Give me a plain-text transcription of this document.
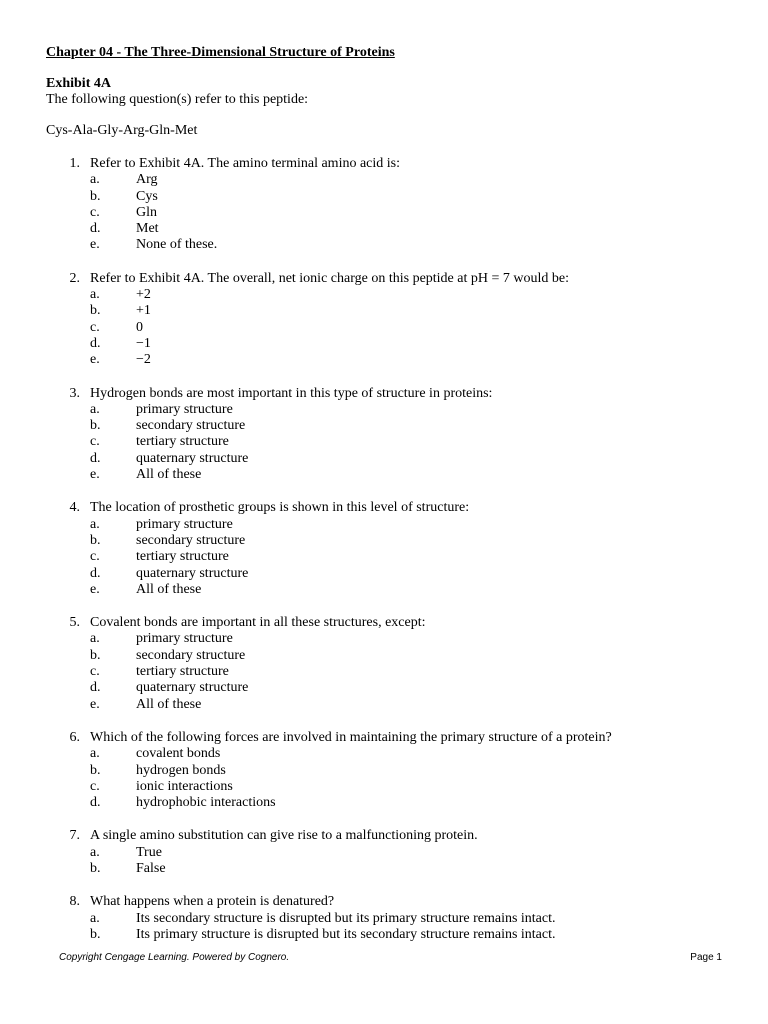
Chapter 04 - The Three-Dimensional Structure of Proteins
Exhibit 4A
The following question(s) refer to this peptide:
Cys-Ala-Gly-Arg-Gln-Met
1. Refer to Exhibit 4A. The amino terminal amino acid is:
a.	Arg
b.	Cys
c.	Gln
d.	Met
e.	None of these.
2. Refer to Exhibit 4A. The overall, net ionic charge on this peptide at pH = 7 would be:
a.	+2
b.	+1
c.	0
d.	−1
e.	−2
3. Hydrogen bonds are most important in this type of structure in proteins:
a.	primary structure
b.	secondary structure
c.	tertiary structure
d.	quaternary structure
e.	All of these
4. The location of prosthetic groups is shown in this level of structure:
a.	primary structure
b.	secondary structure
c.	tertiary structure
d.	quaternary structure
e.	All of these
5. Covalent bonds are important in all these structures, except:
a.	primary structure
b.	secondary structure
c.	tertiary structure
d.	quaternary structure
e.	All of these
6. Which of the following forces are involved in maintaining the primary structure of a protein?
a.	covalent bonds
b.	hydrogen bonds
c.	ionic interactions
d.	hydrophobic interactions
7. A single amino substitution can give rise to a malfunctioning protein.
a.	True
b.	False
8. What happens when a protein is denatured?
a.	Its secondary structure is disrupted but its primary structure remains intact.
b.	Its primary structure is disrupted but its secondary structure remains intact.
Copyright Cengage Learning. Powered by Cognero.	Page 1
